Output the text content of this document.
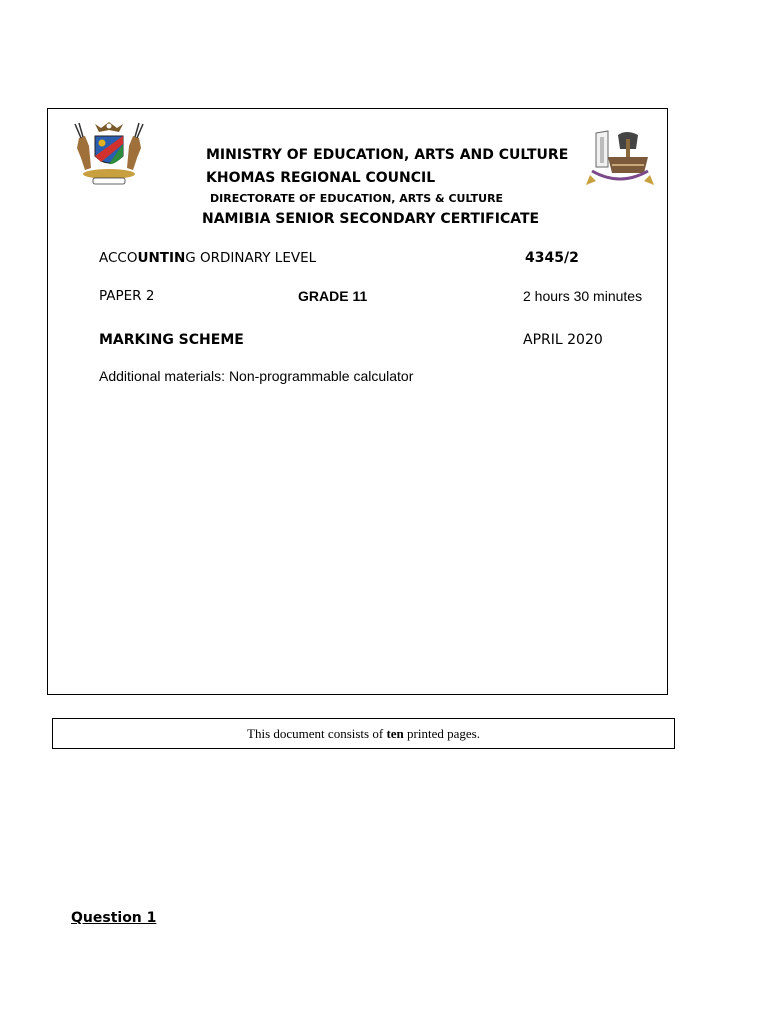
MINISTRY OF EDUCATION, ARTS AND CULTURE
KHOMAS REGIONAL COUNCIL
DIRECTORATE OF EDUCATION, ARTS & CULTURE
NAMIBIA SENIOR SECONDARY CERTIFICATE
ACCOUNTING ORDINARY LEVEL	4345/2
PAPER 2	GRADE 11	2 hours 30 minutes
MARKING SCHEME	APRIL 2020
Additional materials: Non-programmable calculator
This document consists of ten printed pages.
Question 1
